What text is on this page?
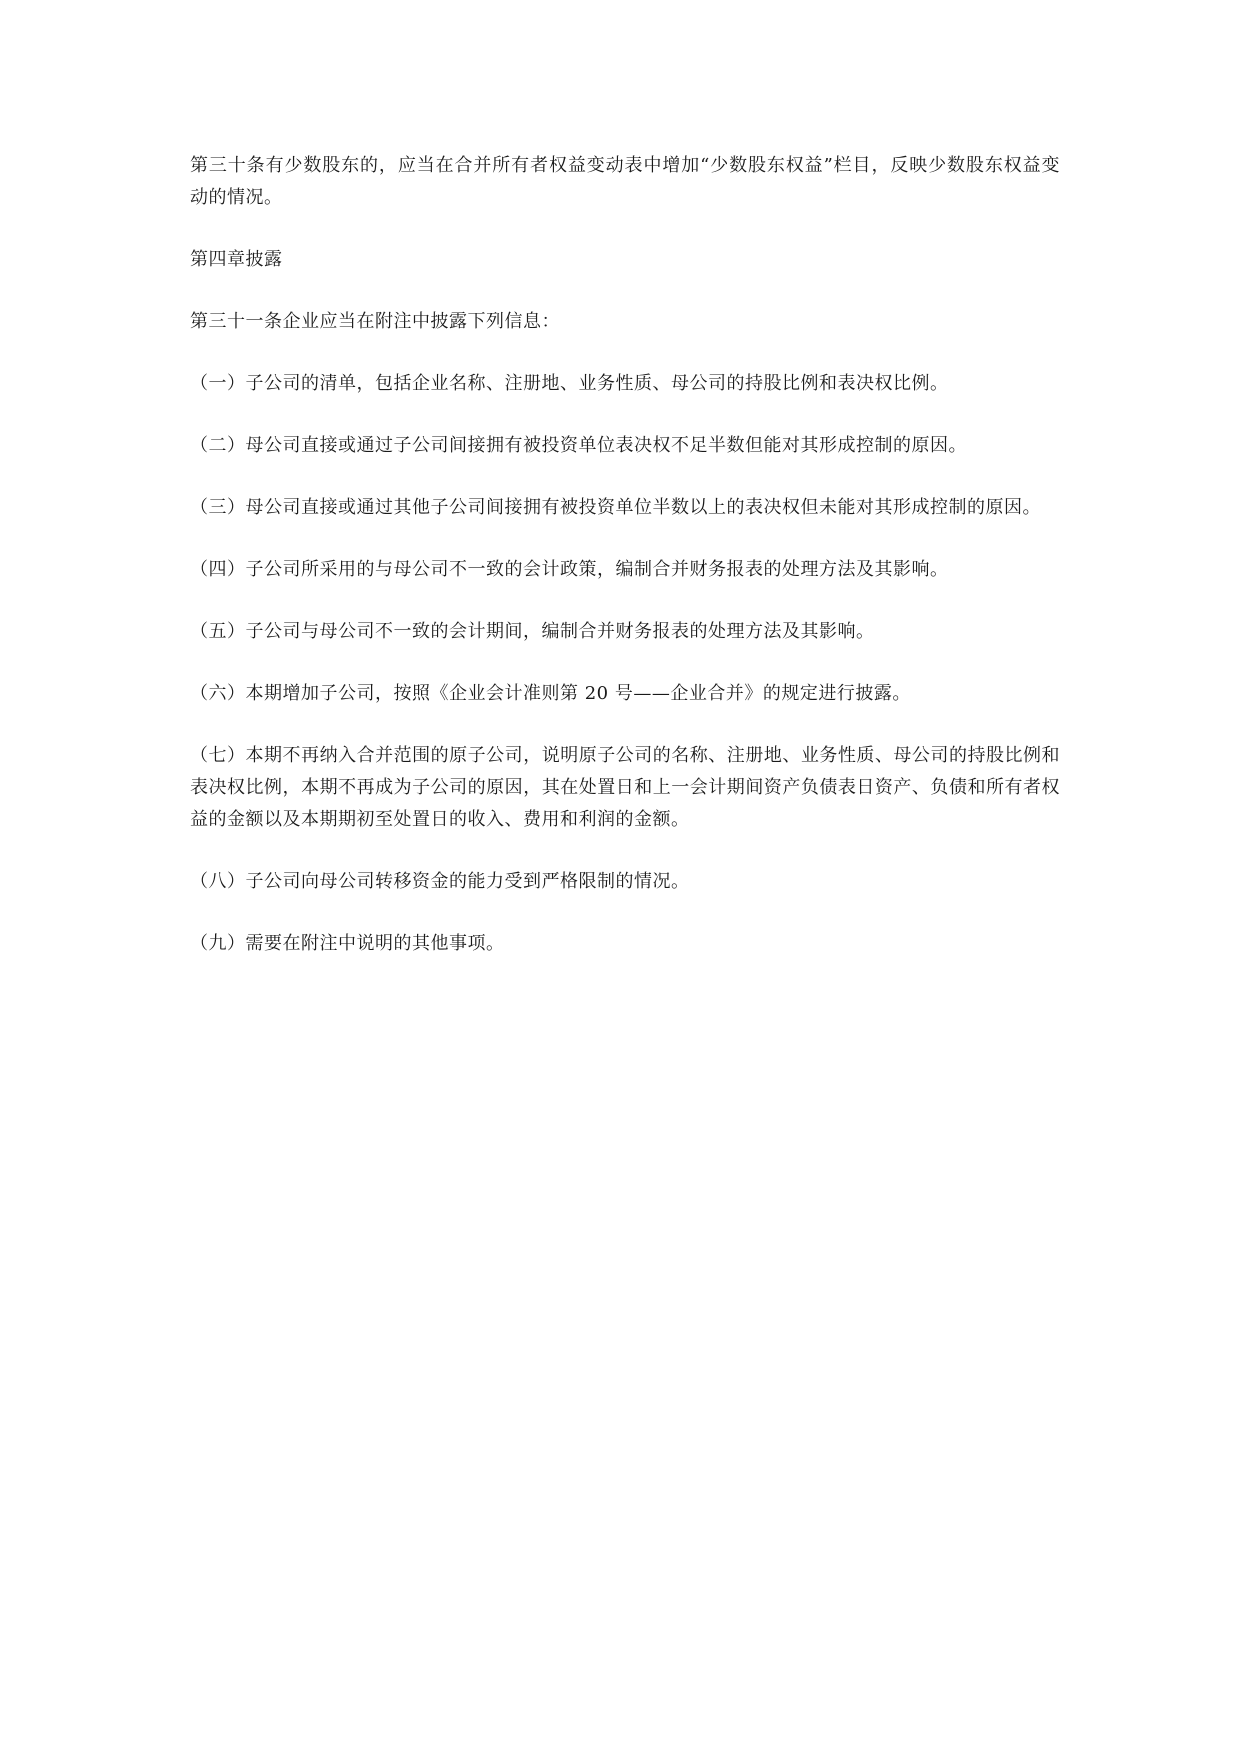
第三十条有少数股东的，应当在合并所有者权益变动表中增加“少数股东权益”栏目，反映少数股东权益变动的情况。

第四章披露

第三十一条企业应当在附注中披露下列信息：

（一）子公司的清单，包括企业名称、注册地、业务性质、母公司的持股比例和表决权比例。

（二）母公司直接或通过子公司间接拥有被投资单位表决权不足半数但能对其形成控制的原因。

（三）母公司直接或通过其他子公司间接拥有被投资单位半数以上的表决权但未能对其形成控制的原因。

（四）子公司所采用的与母公司不一致的会计政策，编制合并财务报表的处理方法及其影响。

（五）子公司与母公司不一致的会计期间，编制合并财务报表的处理方法及其影响。

（六）本期增加子公司，按照《企业会计准则第 20 号——企业合并》的规定进行披露。

（七）本期不再纳入合并范围的原子公司，说明原子公司的名称、注册地、业务性质、母公司的持股比例和表决权比例，本期不再成为子公司的原因，其在处置日和上一会计期间资产负债表日资产、负债和所有者权益的金额以及本期期初至处置日的收入、费用和利润的金额。

（八）子公司向母公司转移资金的能力受到严格限制的情况。

（九）需要在附注中说明的其他事项。
